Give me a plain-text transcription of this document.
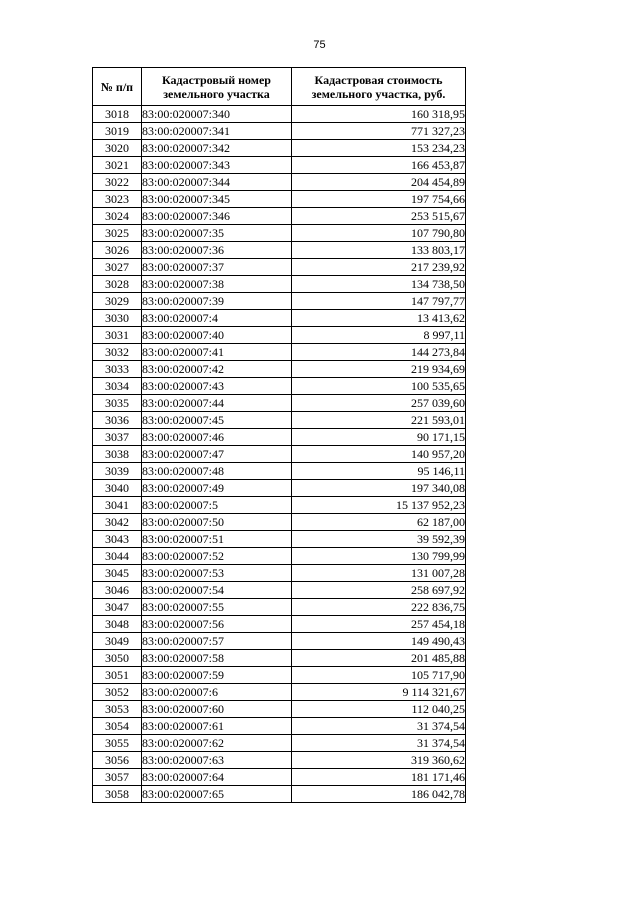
75
№ п/п	Кадастровый номер земельного участка	Кадастровая стоимость земельного участка, руб.
3018	83:00:020007:340	160 318,95
3019	83:00:020007:341	771 327,23
3020	83:00:020007:342	153 234,23
3021	83:00:020007:343	166 453,87
3022	83:00:020007:344	204 454,89
3023	83:00:020007:345	197 754,66
3024	83:00:020007:346	253 515,67
3025	83:00:020007:35	107 790,80
3026	83:00:020007:36	133 803,17
3027	83:00:020007:37	217 239,92
3028	83:00:020007:38	134 738,50
3029	83:00:020007:39	147 797,77
3030	83:00:020007:4	13 413,62
3031	83:00:020007:40	8 997,11
3032	83:00:020007:41	144 273,84
3033	83:00:020007:42	219 934,69
3034	83:00:020007:43	100 535,65
3035	83:00:020007:44	257 039,60
3036	83:00:020007:45	221 593,01
3037	83:00:020007:46	90 171,15
3038	83:00:020007:47	140 957,20
3039	83:00:020007:48	95 146,11
3040	83:00:020007:49	197 340,08
3041	83:00:020007:5	15 137 952,23
3042	83:00:020007:50	62 187,00
3043	83:00:020007:51	39 592,39
3044	83:00:020007:52	130 799,99
3045	83:00:020007:53	131 007,28
3046	83:00:020007:54	258 697,92
3047	83:00:020007:55	222 836,75
3048	83:00:020007:56	257 454,18
3049	83:00:020007:57	149 490,43
3050	83:00:020007:58	201 485,88
3051	83:00:020007:59	105 717,90
3052	83:00:020007:6	9 114 321,67
3053	83:00:020007:60	112 040,25
3054	83:00:020007:61	31 374,54
3055	83:00:020007:62	31 374,54
3056	83:00:020007:63	319 360,62
3057	83:00:020007:64	181 171,46
3058	83:00:020007:65	186 042,78
